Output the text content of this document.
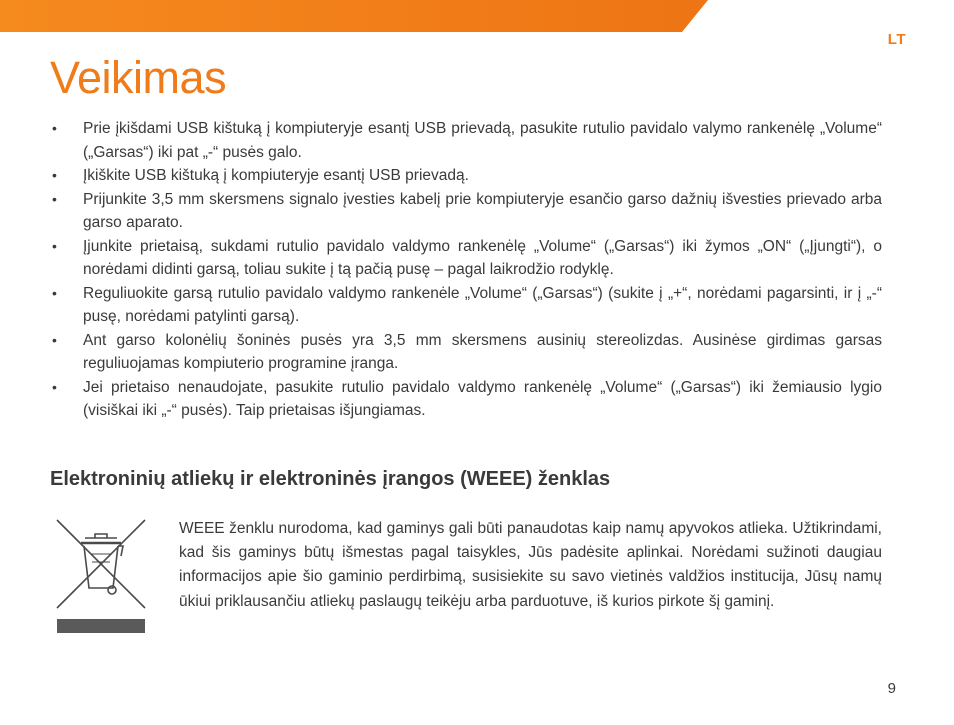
LT
Veikimas
• Prie įkišdami USB kištuką į kompiuteryje esantį USB prievadą, pasukite rutulio pavidalo valymo rankenėlę „Volume“ („Garsas“) iki pat „-“ pusės galo.
• Įkiškite USB kištuką į kompiuteryje esantį USB prievadą.
• Prijunkite 3,5 mm skersmens signalo įvesties kabelį prie kompiuteryje esančio garso dažnių išvesties prievado arba garso aparato.
• Įjunkite prietaisą, sukdami rutulio pavidalo valdymo rankenėlę „Volume“ („Garsas“) iki žymos „ON“ („Įjungti“), o norėdami didinti garsą, toliau sukite į tą pačią pusę – pagal laikrodžio rodyklę.
• Reguliuokite garsą rutulio pavidalo valdymo rankenėle „Volume“ („Garsas“) (sukite į „+“, norėdami pagarsinti, ir į „-“ pusę, norėdami patylinti garsą).
• Ant garso kolonėlių šoninės pusės yra 3,5 mm skersmens ausinių stereolizdas. Ausinėse girdimas garsas reguliuojamas kompiuterio programine įranga.
• Jei prietaiso nenaudojate, pasukite rutulio pavidalo valdymo rankenėlę „Volume“ („Garsas“) iki žemiausio lygio (visiškai iki „-“ pusės). Taip prietaisas išjungiamas.
Elektroninių atliekų ir elektroninės įrangos (WEEE) ženklas

WEEE ženklu nurodoma, kad gaminys gali būti panaudotas kaip namų apyvokos atlieka. Užtikrindami, kad šis gaminys būtų išmestas pagal taisykles, Jūs padėsite aplinkai. Norėdami sužinoti daugiau informacijos apie šio gaminio perdirbimą, susisiekite su savo vietinės valdžios institucija, Jūsų namų ūkiui priklausančiu atliekų paslaugų teikėju arba parduotuve, iš kurios pirkote šį gaminį.

9
